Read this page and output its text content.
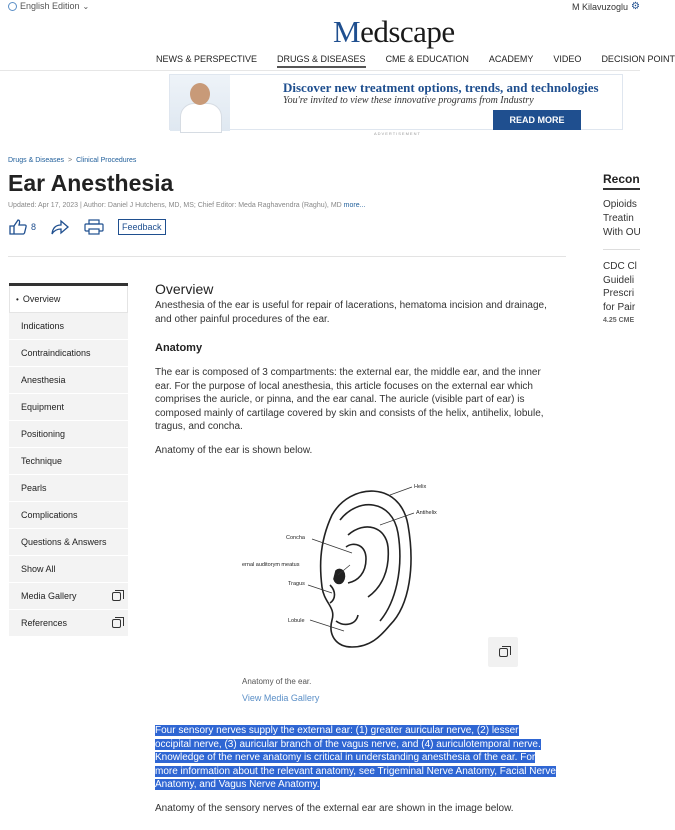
English Edition ⌄	M Kilavuzoglu ⚙
Medscape
NEWS & PERSPECTIVE DRUGS & DISEASES CME & EDUCATION ACADEMY VIDEO DECISION POINT
Discover new treatment options, trends, and technologies
You're invited to view these innovative programs from Industry
READ MORE
ADVERTISEMENT
Drugs & Diseases > Clinical Procedures
Ear Anesthesia
Updated: Apr 17, 2023 | Author: Daniel J Hutchens, MD, MS; Chief Editor: Meda Raghavendra (Raghu), MD more...
8	Feedback
• Overview
Indications
Contraindications
Anesthesia
Equipment
Positioning
Technique
Pearls
Complications
Questions & Answers
Show All
Media Gallery
References
Overview

Anesthesia of the ear is useful for repair of lacerations, hematoma incision and drainage, and other painful procedures of the ear.

Anatomy

The ear is composed of 3 compartments: the external ear, the middle ear, and the inner ear. For the purpose of local anesthesia, this article focuses on the external ear which comprises the auricle, or pinna, and the ear canal. The auricle (visible part of ear) is composed mainly of cartilage covered by skin and consists of the helix, antihelix, lobule, tragus, and concha.

Anatomy of the ear is shown below.

Helix
Antihelix
Concha
ernal auditorym meatus
Tragus
Lobule
Anatomy of the ear.
View Media Gallery

Four sensory nerves supply the external ear: (1) greater auricular nerve, (2) lesser occipital nerve, (3) auricular branch of the vagus nerve, and (4) auriculotemporal nerve. Knowledge of the nerve anatomy is critical in understanding anesthesia of the ear. For more information about the relevant anatomy, see Trigeminal Nerve Anatomy, Facial Nerve Anatomy, and Vagus Nerve Anatomy.

Anatomy of the sensory nerves of the external ear are shown in the image below.

Recon
Opioids
Treatin
With OU
CDC Cl
Guideli
Prescri
for Pair
4.25 CME
